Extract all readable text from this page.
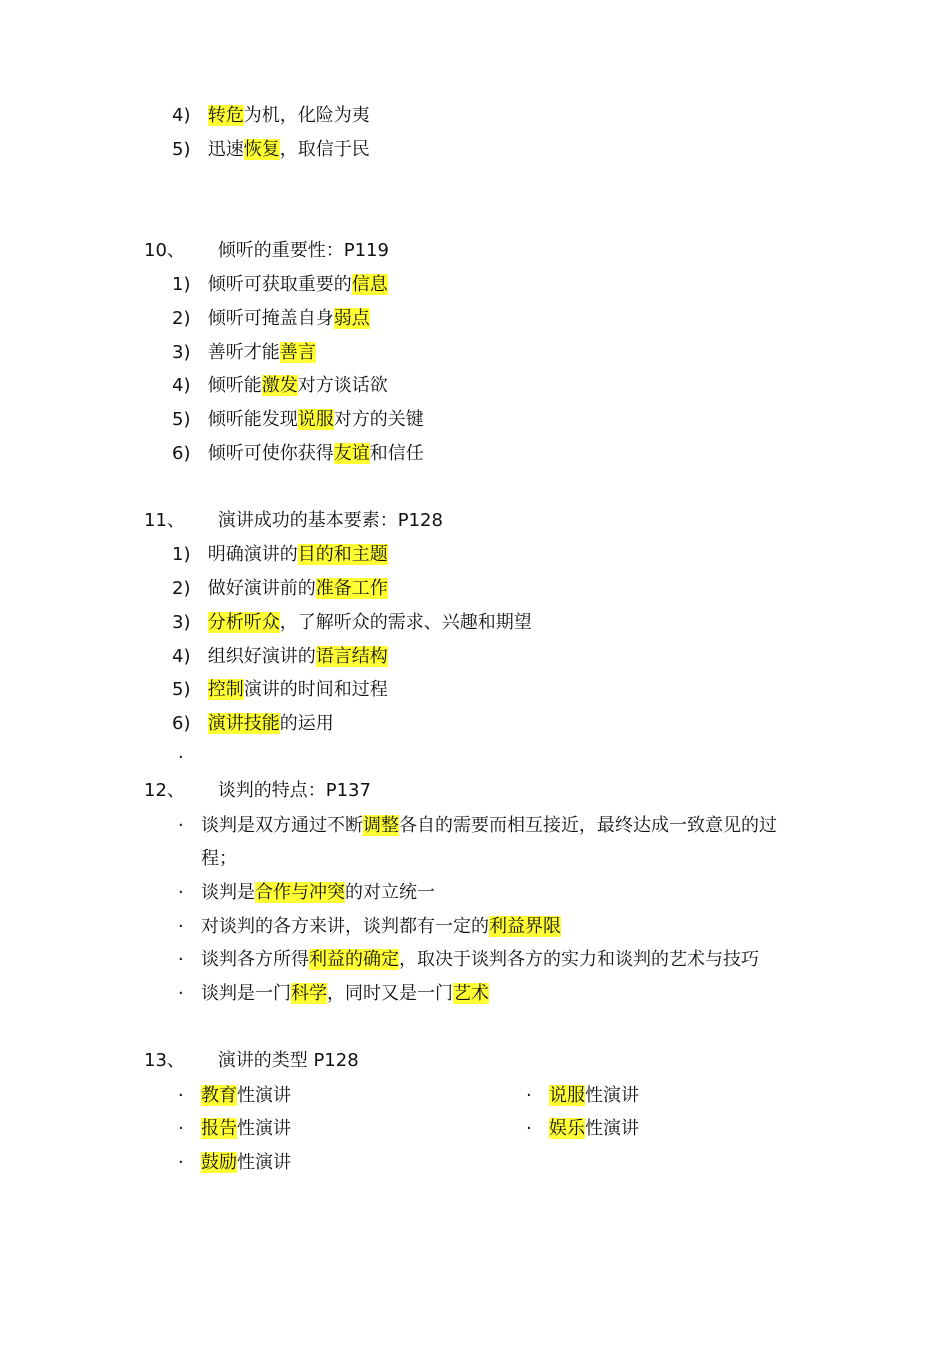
4) 转危为机，化险为夷
5) 迅速恢复，取信于民
10、 倾听的重要性：P119
1) 倾听可获取重要的信息
2) 倾听可掩盖自身弱点
3) 善听才能善言
4) 倾听能激发对方谈话欲
5) 倾听能发现说服对方的关键
6) 倾听可使你获得友谊和信任
11、 演讲成功的基本要素：P128
1) 明确演讲的目的和主题
2) 做好演讲前的准备工作
3) 分析听众，了解听众的需求、兴趣和期望
4) 组织好演讲的语言结构
5) 控制演讲的时间和过程
6) 演讲技能的运用
·
12、 谈判的特点：P137
· 谈判是双方通过不断调整各自的需要而相互接近，最终达成一致意见的过
程；
· 谈判是合作与冲突的对立统一
· 对谈判的各方来讲，谈判都有一定的利益界限
· 谈判各方所得利益的确定，取决于谈判各方的实力和谈判的艺术与技巧
· 谈判是一门科学，同时又是一门艺术
13、 演讲的类型 P128
· 教育性演讲	· 说服性演讲
· 报告性演讲	· 娱乐性演讲
· 鼓励性演讲
